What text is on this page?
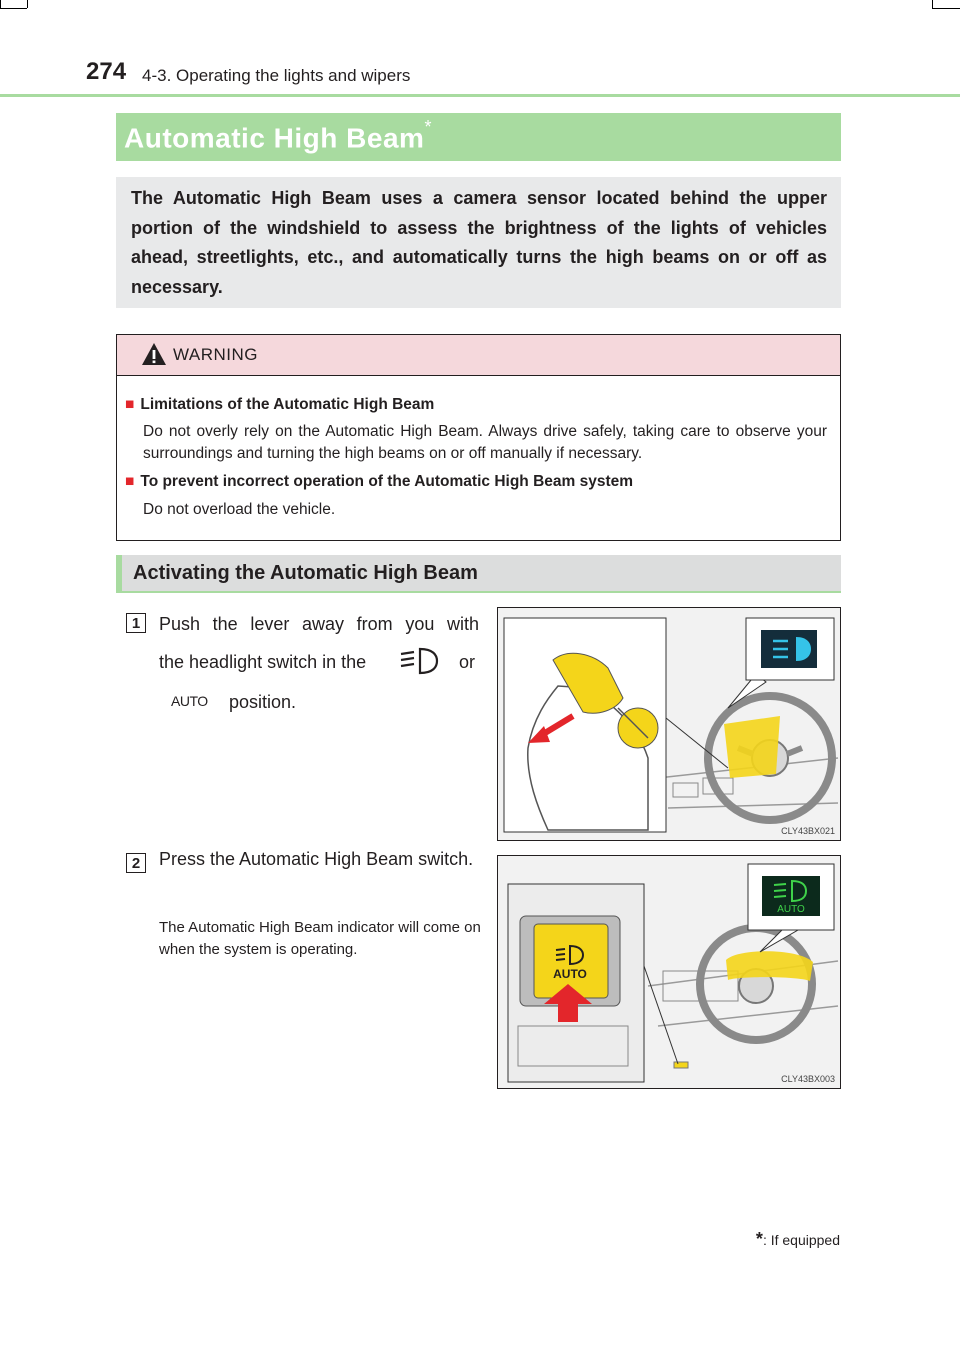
274 4-3. Operating the lights and wipers
Automatic High Beam*
The Automatic High Beam uses a camera sensor located behind the upper portion of the windshield to assess the brightness of the lights of vehicles ahead, streetlights, etc., and automatically turns the high beams on or off as necessary.
WARNING
■ Limitations of the Automatic High Beam
Do not overly rely on the Automatic High Beam. Always drive safely, taking care to observe your surroundings and turning the high beams on or off manually if necessary.
■ To prevent incorrect operation of the Automatic High Beam system
Do not overload the vehicle.
Activating the Automatic High Beam
1	Push the lever away from you with
the headlight switch in the	or
AUTO position.
CLY43BX021
2	Press the Automatic High Beam switch.
The Automatic High Beam indicator will come on when the system is operating.
AUTO
AUTO
CLY43BX003
*: If equipped
